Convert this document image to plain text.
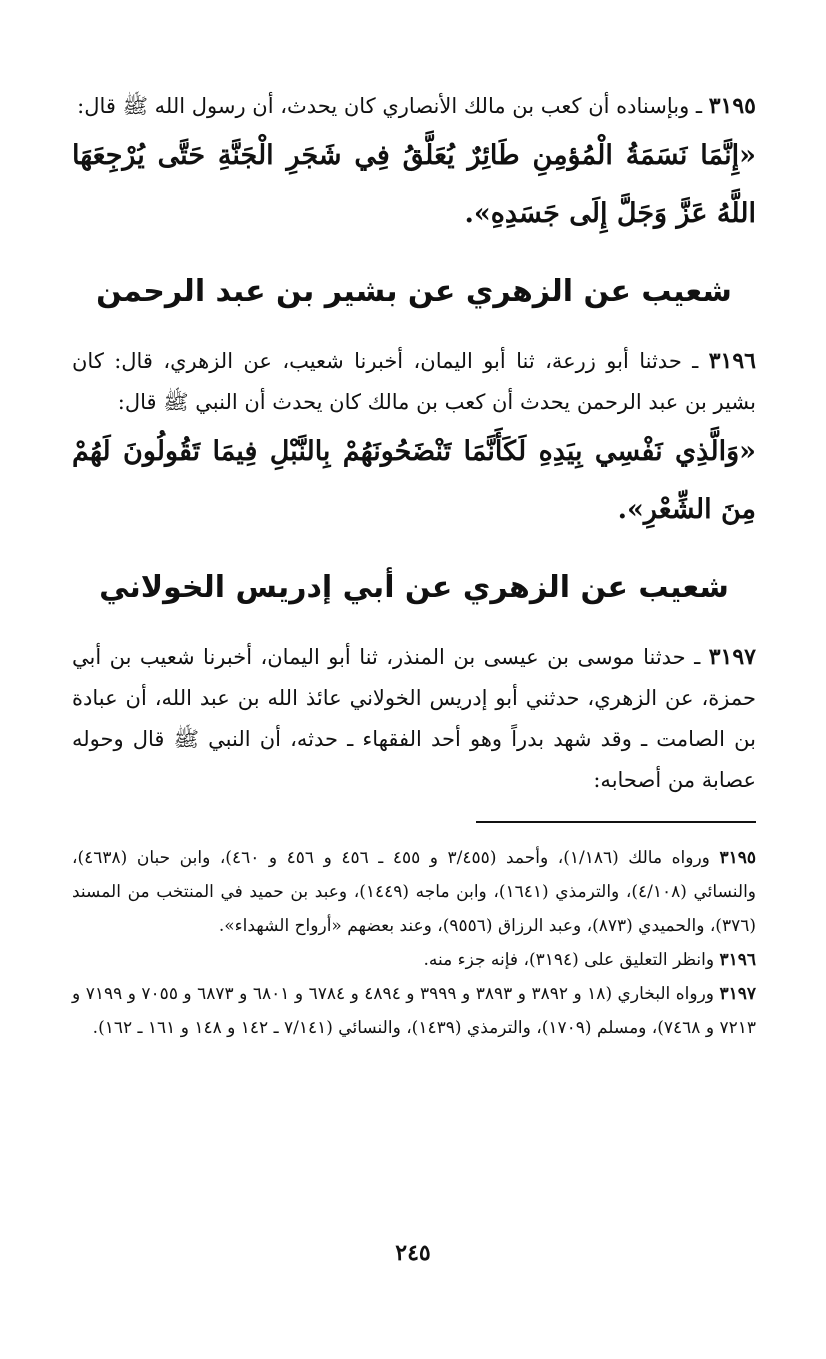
٣١٩٥ ـ وبإسناده أن كعب بن مالك الأنصاري كان يحدث، أن رسول الله ﷺ قال:

«إِنَّمَا نَسَمَةُ الْمُؤمِنِ طَائِرٌ يُعَلَّقُ فِي شَجَرِ الْجَنَّةِ حَتَّى يُرْجِعَهَا اللَّهُ عَزَّ وَجَلَّ إِلَى جَسَدِهِ».

شعيب عن الزهري عن بشير بن عبد الرحمن

٣١٩٦ ـ حدثنا أبو زرعة، ثنا أبو اليمان، أخبرنا شعيب، عن الزهري، قال: كان بشير بن عبد الرحمن يحدث أن كعب بن مالك كان يحدث أن النبي ﷺ قال:

«وَالَّذِي نَفْسِي بِيَدِهِ لَكَأَنَّمَا تَنْضَحُونَهُمْ بِالنَّبْلِ فِيمَا تَقُولُونَ لَهُمْ مِنَ الشِّعْرِ».

شعيب عن الزهري عن أبي إدريس الخولاني

٣١٩٧ ـ حدثنا موسى بن عيسى بن المنذر، ثنا أبو اليمان، أخبرنا شعيب بن أبي حمزة، عن الزهري، حدثني أبو إدريس الخولاني عائذ الله بن عبد الله، أن عبادة بن الصامت ـ وقد شهد بدراً وهو أحد الفقهاء ـ حدثه، أن النبي ﷺ قال وحوله عصابة من أصحابه:

٣١٩٥ ورواه مالك (١/١٨٦)، وأحمد (٣/٤٥٥ و ٤٥٥ ـ ٤٥٦ و ٤٥٦ و ٤٦٠)، وابن حبان (٤٦٣٨)، والنسائي (٤/١٠٨)، والترمذي (١٦٤١)، وابن ماجه (١٤٤٩)، وعبد بن حميد في المنتخب من المسند (٣٧٦)، والحميدي (٨٧٣)، وعبد الرزاق (٩٥٥٦)، وعند بعضهم «أرواح الشهداء».

٣١٩٦ وانظر التعليق على (٣١٩٤)، فإنه جزء منه.

٣١٩٧ ورواه البخاري (١٨ و ٣٨٩٢ و ٣٨٩٣ و ٣٩٩٩ و ٤٨٩٤ و ٦٧٨٤ و ٦٨٠١ و ٦٨٧٣ و ٧٠٥٥ و ٧١٩٩ و ٧٢١٣ و ٧٤٦٨)، ومسلم (١٧٠٩)، والترمذي (١٤٣٩)، والنسائي (٧/١٤١ ـ ١٤٢ و ١٤٨ و ١٦١ ـ ١٦٢).

٢٤٥
